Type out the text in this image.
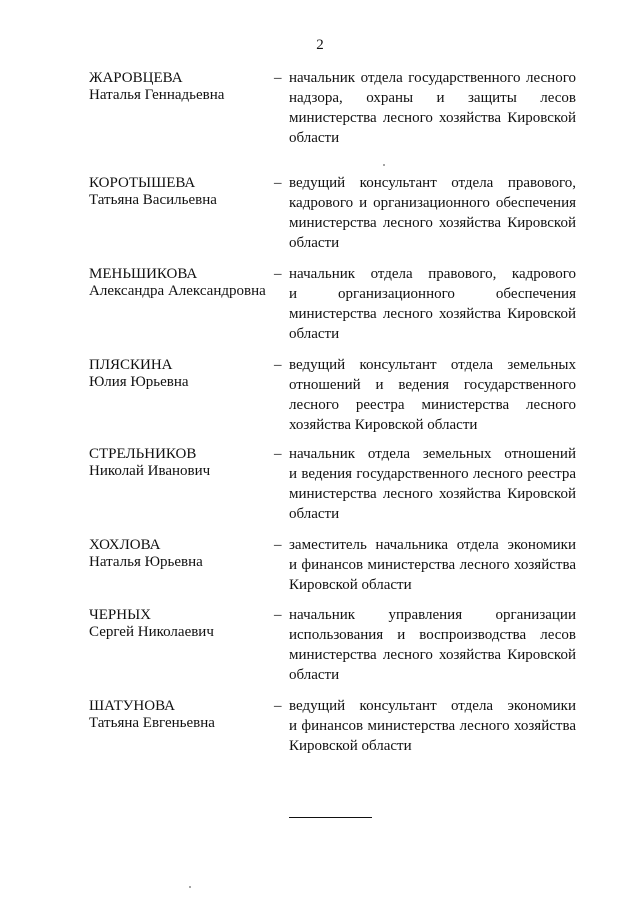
2
ЖАРОВЦЕВА
Наталья Геннадьевна
– начальник отдела государственного лесного
надзора, охраны и защиты лесов
министерства лесного хозяйства Кировской
области
КОРОТЫШЕВА
Татьяна Васильевна
– ведущий консультант отдела правового,
кадрового и организационного обеспечения
министерства лесного хозяйства Кировской
области
МЕНЬШИКОВА
Александра Александровна
– начальник отдела правового, кадрового
и организационного обеспечения
министерства лесного хозяйства Кировской
области
ПЛЯСКИНА
Юлия Юрьевна
– ведущий консультант отдела земельных
отношений и ведения государственного
лесного реестра министерства лесного
хозяйства Кировской области
СТРЕЛЬНИКОВ
Николай Иванович
– начальник отдела земельных отношений
и ведения государственного лесного реестра
министерства лесного хозяйства Кировской
области
ХОХЛОВА
Наталья Юрьевна
– заместитель начальника отдела экономики
и финансов министерства лесного хозяйства
Кировской области
ЧЕРНЫХ
Сергей Николаевич
– начальник управления организации
использования и воспроизводства лесов
министерства лесного хозяйства Кировской
области
ШАТУНОВА
Татьяна Евгеньевна
– ведущий консультант отдела экономики
и финансов министерства лесного хозяйства
Кировской области
